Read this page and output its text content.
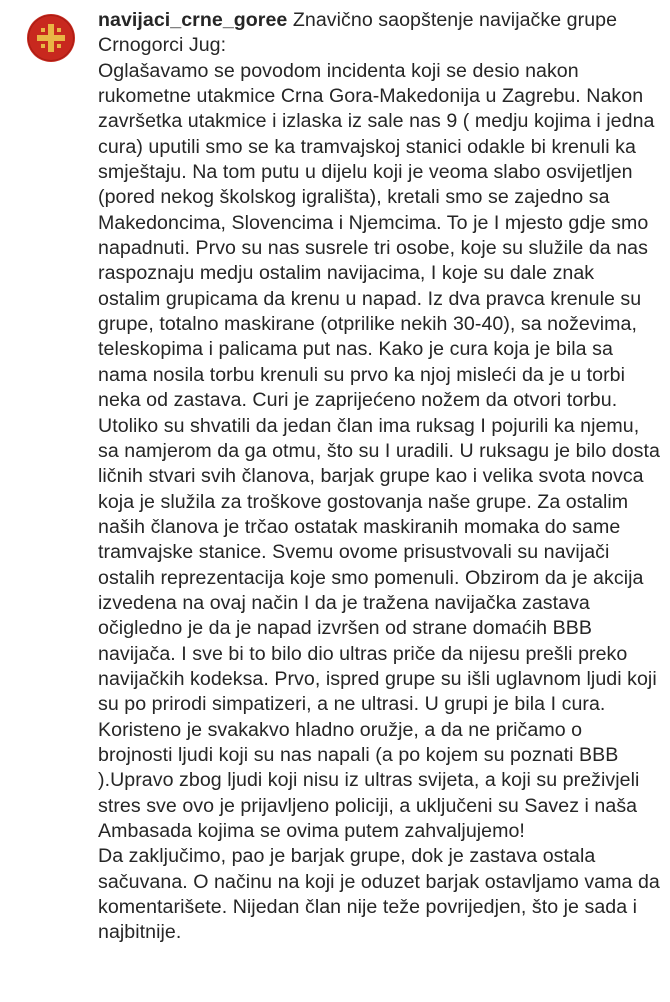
navijaci_crne_goree Znavično saopštenje navijačke grupe Crnogorci Jug:

Oglašavamo se povodom incidenta koji se desio nakon rukometne utakmice Crna Gora-Makedonija u Zagrebu. Nakon završetka utakmice i izlaska iz sale nas 9 ( medju kojima i jedna cura) uputili smo se ka tramvajskoj stanici odakle bi krenuli ka smještaju. Na tom putu u dijelu koji je veoma slabo osvijetljen (pored nekog školskog igrališta), kretali smo se zajedno sa Makedoncima, Slovencima i Njemcima. To je I mjesto gdje smo napadnuti. Prvo su nas susrele tri osobe, koje su služile da nas raspoznaju medju ostalim navijacima, I koje su dale znak ostalim grupicama da krenu u napad. Iz dva pravca krenule su grupe, totalno maskirane (otprilike nekih 30-40), sa noževima, teleskopima i palicama put nas. Kako je cura koja je bila sa nama nosila torbu krenuli su prvo ka njoj misleći da je u torbi neka od zastava. Curi je zaprijećeno nožem da otvori torbu. Utoliko su shvatili da jedan član ima ruksag I pojurili ka njemu, sa namjerom da ga otmu, što su I uradili. U ruksagu je bilo dosta ličnih stvari svih članova, barjak grupe kao i velika svota novca koja je služila za troškove gostovanja naše grupe. Za ostalim naših članova je trčao ostatak maskiranih momaka do same tramvajske stanice. Svemu ovome prisustvovali su navijači ostalih reprezentacija koje smo pomenuli. Obzirom da je akcija izvedena na ovaj način I da je tražena navijačka zastava očigledno je da je napad izvršen od strane domaćih BBB navijača. I sve bi to bilo dio ultras priče da nijesu prešli preko navijačkih kodeksa. Prvo, ispred grupe su išli uglavnom ljudi koji su po prirodi simpatizeri, a ne ultrasi. U grupi je bila I cura. Koristeno je svakakvo hladno oružje, a da ne pričamo o brojnosti ljudi koji su nas napali (a po kojem su poznati BBB ).Upravo zbog ljudi koji nisu iz ultras svijeta, a koji su preživjeli stres sve ovo je prijavljeno policiji, a uključeni su Savez i naša Ambasada kojima se ovima putem zahvaljujemo!

Da zaključimo, pao je barjak grupe, dok je zastava ostala sačuvana. O načinu na koji je oduzet barjak ostavljamo vama da komentarišete. Nijedan član nije teže povrijedjen, što je sada i najbitnije.
